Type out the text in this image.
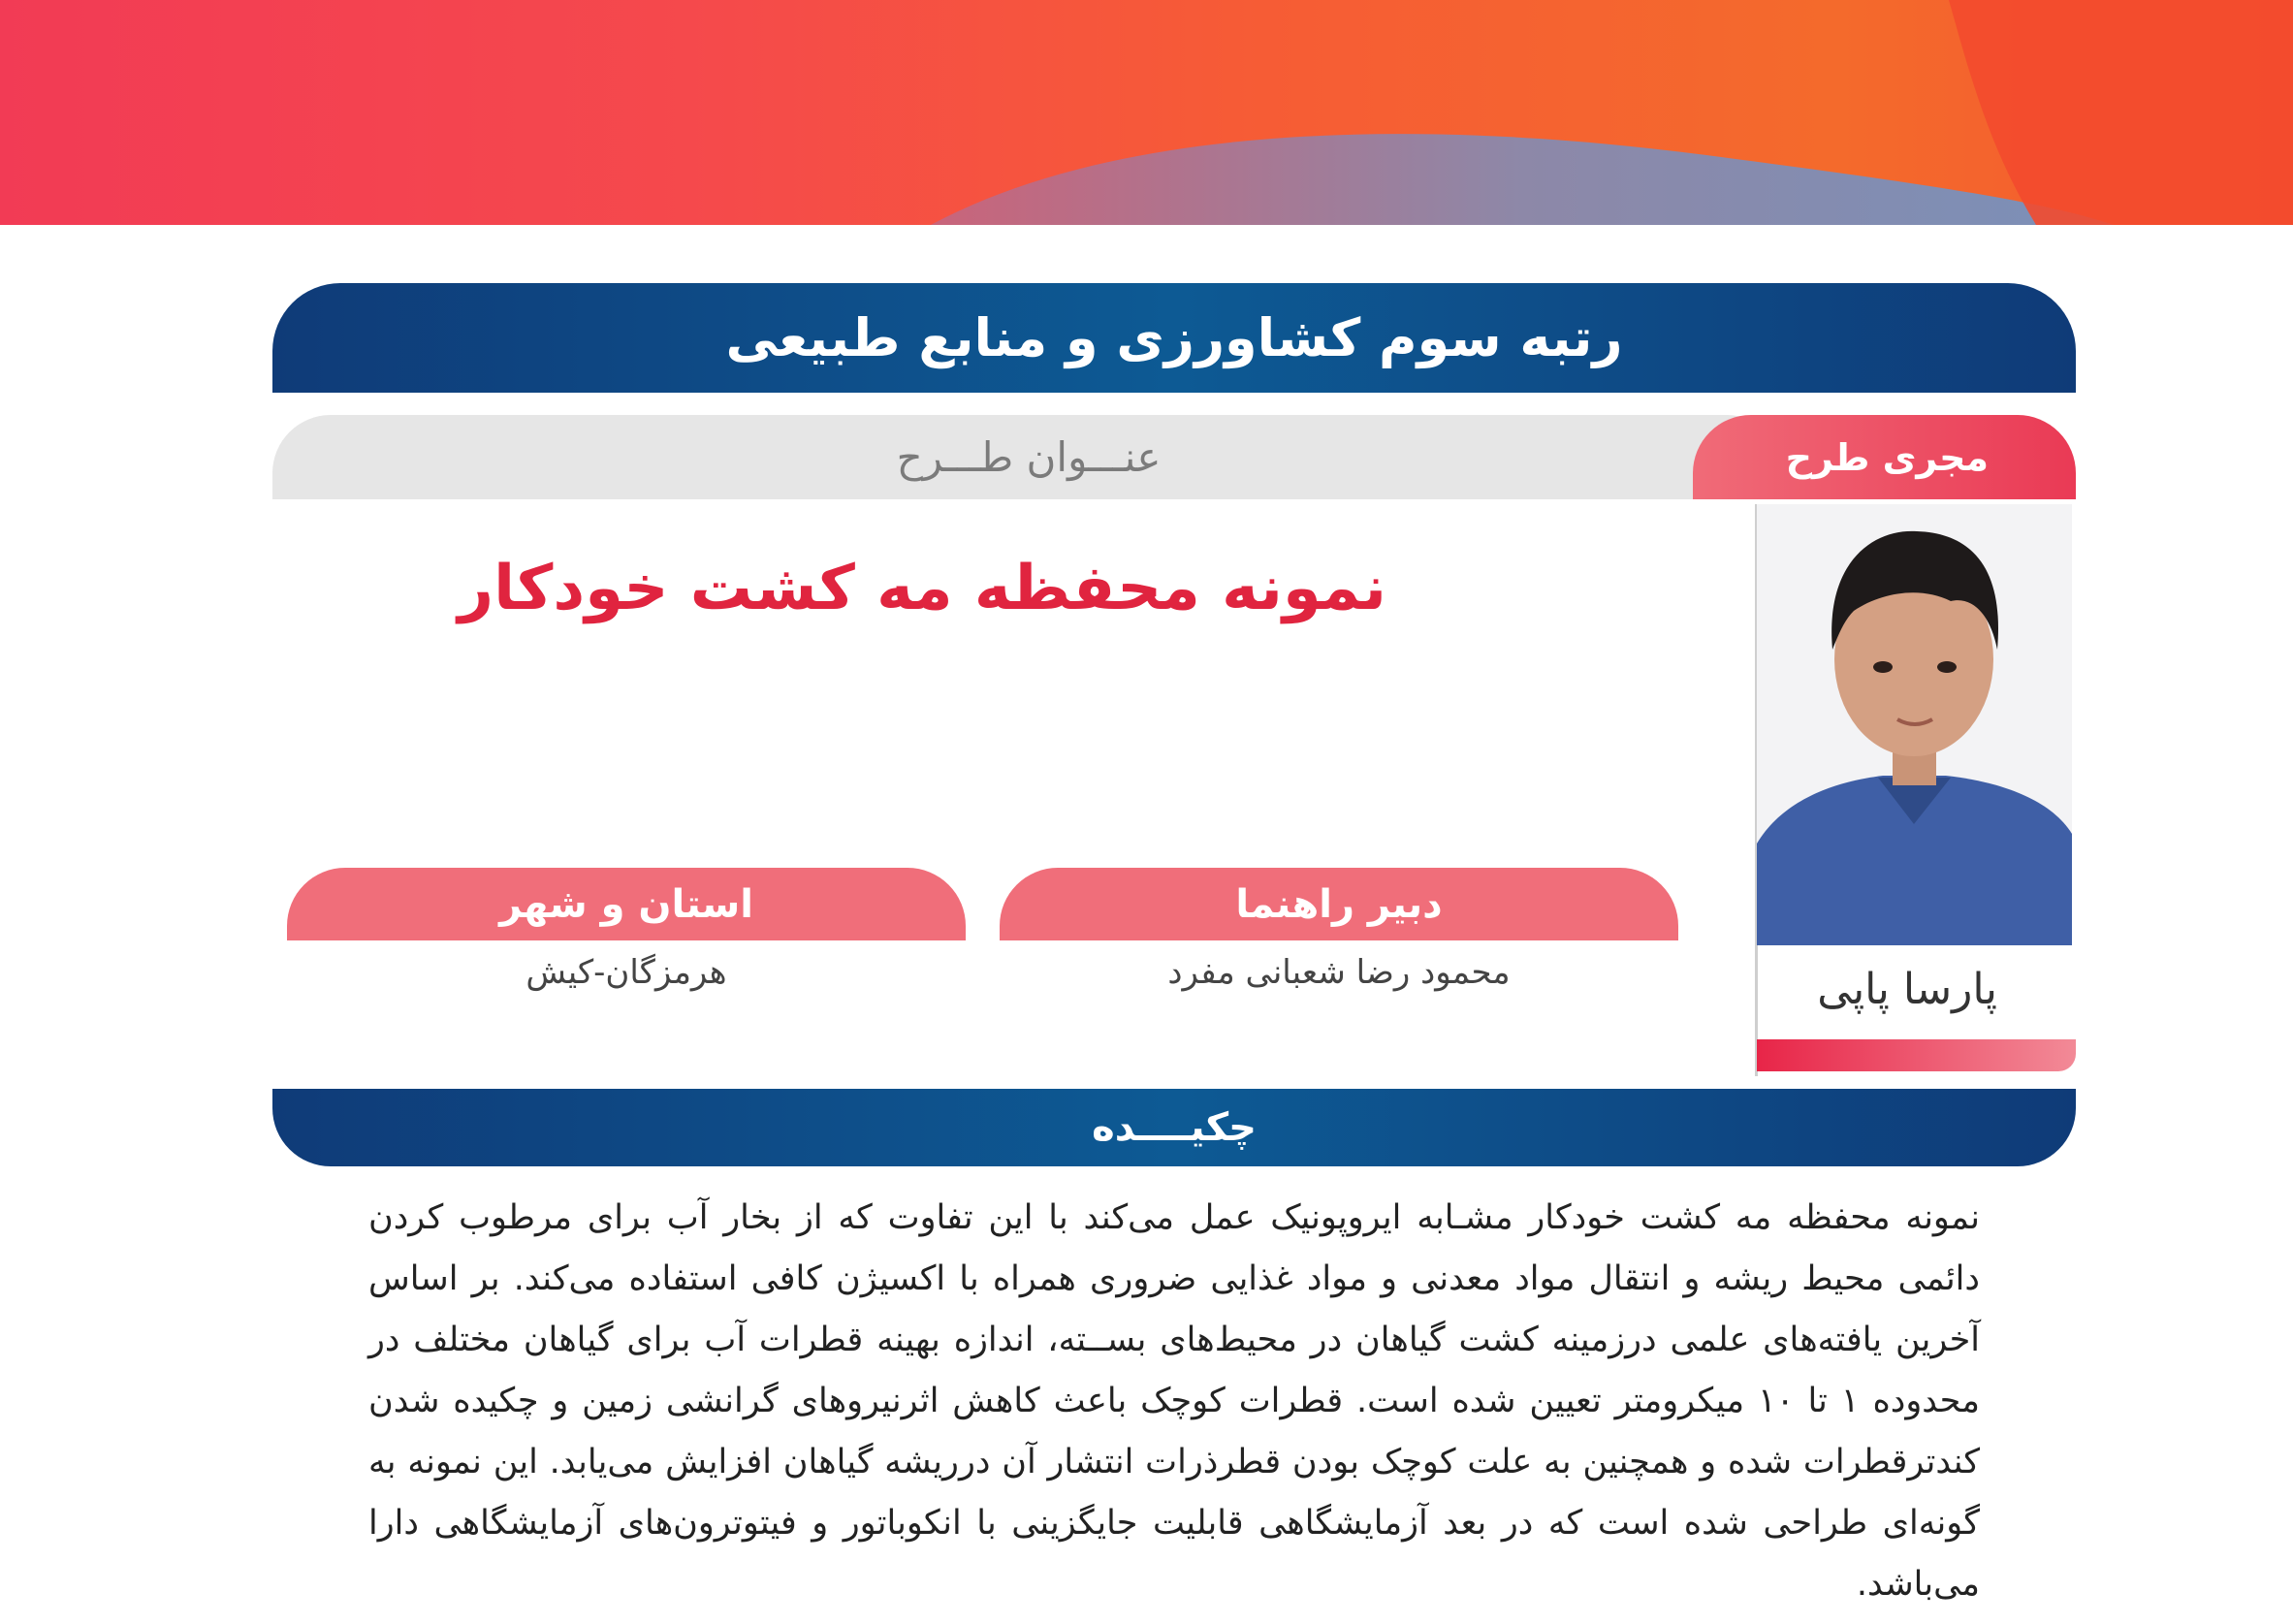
رتبه سوم کشاورزی و منابع طبیعی
عنـــوان طـــرح	مجری طرح
پارسا پاپی
نمونه محفظه مه کشت خودکار
دبیر راهنما
استان و شهر
محمود رضا شعبانی مفرد
هرمزگان-کیش
چکیــــده
نمونه محفظه مه کشت خودکار مشـابه ایروپونیک عمل می‌کند با این تفاوت که از بخار آب برای مرطوب کردن دائمی محیط ریشه و انتقال مواد معدنی و مواد غذایی ضروری همراه با اکسیژن کافی استفاده می‌کند. بر اساس آخرین یافته‌های علمی درزمینه کشت گیاهان در محیط‌های بســته، اندازه بهینه قطرات آب برای گیاهان مختلف در محدوده ۱ تا ۱۰ میکرومتر تعیین شده است. قطرات کوچک باعث کاهش اثرنیروهای گرانشی زمین و چکیده شدن کندترقطرات شده و همچنین به علت کوچک بودن قطرذرات انتشار آن درریشه گیاهان افزایش می‌یابد. این نمونه به گونه‌ای طراحی شده است که در بعد آزمایشگاهی قابلیت جایگزینی با انکوباتور و فیتوترون‌های آزمایشگاهی دارا می‌باشد.
